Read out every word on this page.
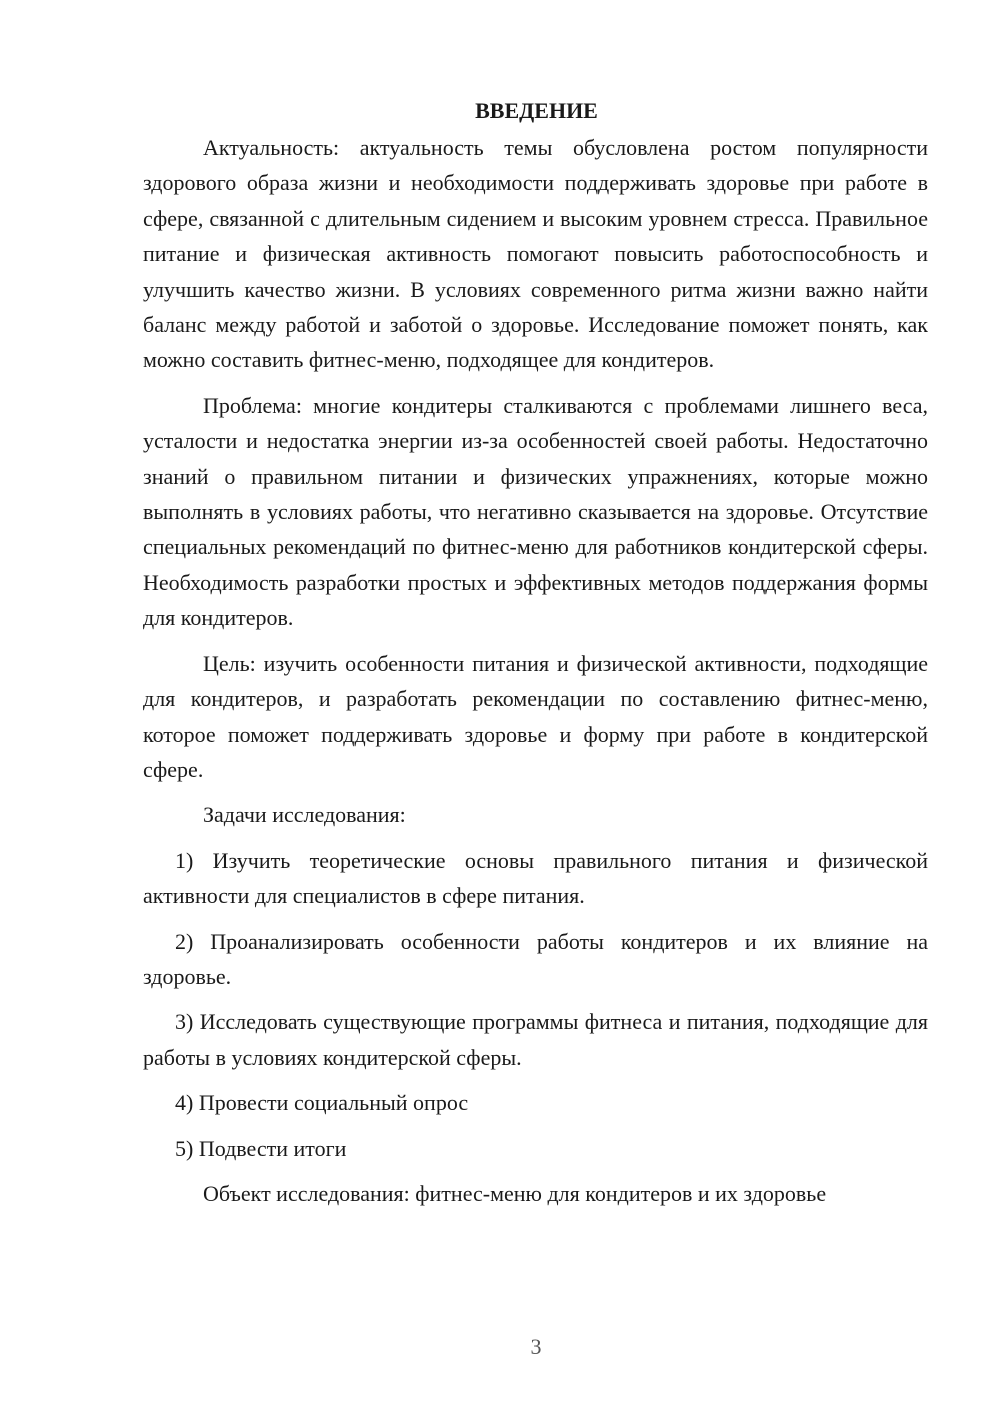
ВВЕДЕНИЕ

Актуальность: актуальность темы обусловлена ростом популярности здорового образа жизни и необходимости поддерживать здоровье при работе в сфере, связанной с длительным сидением и высоким уровнем стресса. Правильное питание и физическая активность помогают повысить работоспособность и улучшить качество жизни. В условиях современного ритма жизни важно найти баланс между работой и заботой о здоровье. Исследование поможет понять, как можно составить фитнес-меню, подходящее для кондитеров.

Проблема: многие кондитеры сталкиваются с проблемами лишнего веса, усталости и недостатка энергии из-за особенностей своей работы. Недостаточно знаний о правильном питании и физических упражнениях, которые можно выполнять в условиях работы, что негативно сказывается на здоровье. Отсутствие специальных рекомендаций по фитнес-меню для работников кондитерской сферы. Необходимость разработки простых и эффективных методов поддержания формы для кондитеров.

Цель: изучить особенности питания и физической активности, подходящие для кондитеров, и разработать рекомендации по составлению фитнес-меню, которое поможет поддерживать здоровье и форму при работе в кондитерской сфере.

Задачи исследования:

1) Изучить теоретические основы правильного питания и физической активности для специалистов в сфере питания.

2) Проанализировать особенности работы кондитеров и их влияние на здоровье.

3) Исследовать существующие программы фитнеса и питания, подходящие для работы в условиях кондитерской сферы.

4) Провести социальный опрос

5) Подвести итоги

Объект исследования: фитнес-меню для кондитеров и их здоровье

3
